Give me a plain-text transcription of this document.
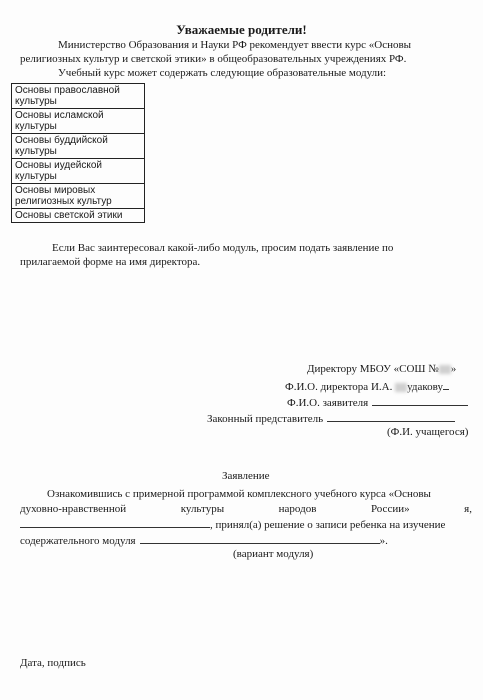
Уважаемые родители!
Министерство Образования и Науки РФ рекомендует ввести курс «Основы
религиозных культур и светской этики» в общеобразовательных учреждениях РФ.
Учебный курс может содержать следующие образовательные модули:
Основы православной культуры
Основы исламской культуры
Основы буддийской культуры
Основы иудейской культуры
Основы мировых религиозных культур
Основы светской этики
Если Вас заинтересовал какой-либо модуль, просим подать заявление по
прилагаемой форме на имя директора.
Директору МБОУ «СОШ № »
Ф.И.О. директора И.А. удакову
Ф.И.О. заявителя
Законный представитель
(Ф.И. учащегося)
Заявление
Ознакомившись с примерной программой комплексного учебного курса «Основы
духовно-нравственной	культуры	народов	России»	я,
, принял(а) решение о записи ребенка на изучение
содержательного модуля	».
(вариант модуля)
Дата, подпись
